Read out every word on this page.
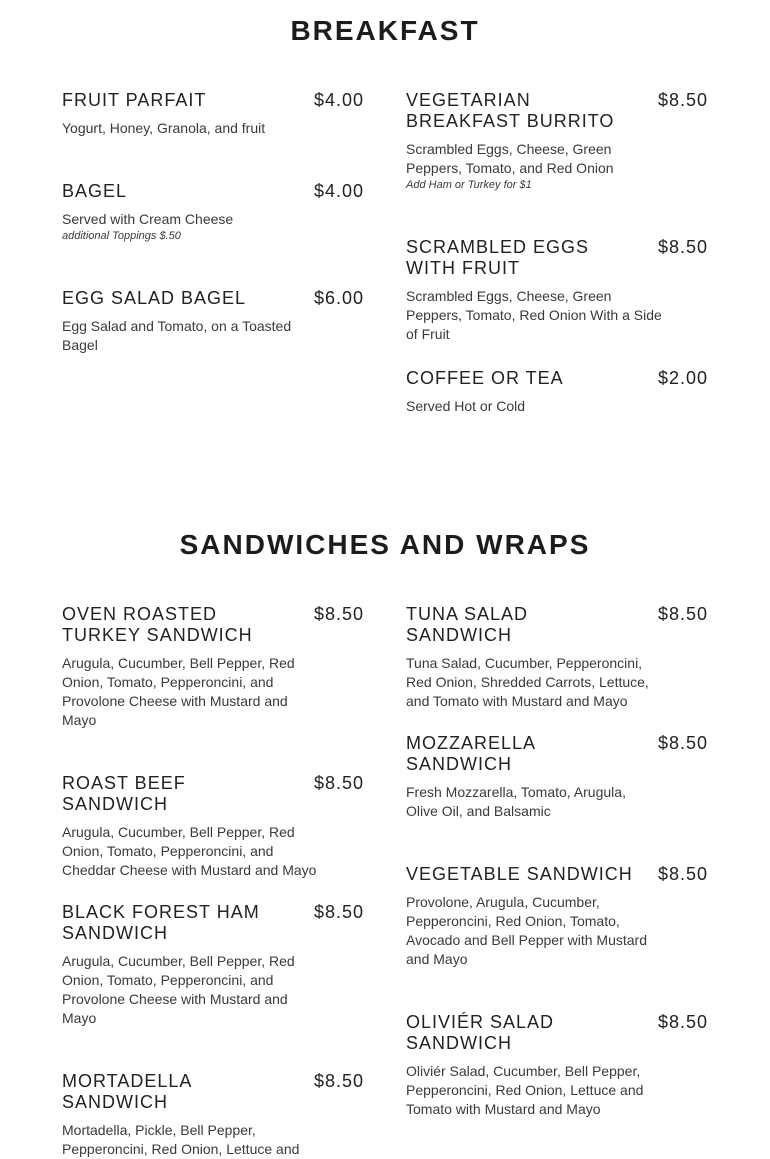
BREAKFAST
FRUIT PARFAIT	$4.00
Yogurt, Honey, Granola, and fruit
VEGETARIAN BREAKFAST BURRITO
$8.50
Scrambled Eggs, Cheese, Green Peppers, Tomato, and Red Onion
Add Ham or Turkey for $1
BAGEL	$4.00
Served with Cream Cheese
additional Toppings $.50
SCRAMBLED EGGS WITH FRUIT
$8.50
Scrambled Eggs, Cheese, Green Peppers, Tomato, Red Onion With a Side of Fruit
EGG SALAD BAGEL	$6.00
Egg Salad and Tomato, on a Toasted Bagel
COFFEE OR TEA	$2.00
Served Hot or Cold
SANDWICHES AND WRAPS
OVEN ROASTED TURKEY SANDWICH
$8.50
Arugula, Cucumber, Bell Pepper, Red Onion, Tomato, Pepperoncini, and Provolone Cheese with Mustard and Mayo
TUNA SALAD SANDWICH
$8.50
Tuna Salad, Cucumber, Pepperoncini, Red Onion, Shredded Carrots, Lettuce, and Tomato with Mustard and Mayo
ROAST BEEF SANDWICH
$8.50
Arugula, Cucumber, Bell Pepper, Red Onion, Tomato, Pepperoncini, and Cheddar Cheese with Mustard and Mayo
MOZZARELLA SANDWICH
$8.50
Fresh Mozzarella, Tomato, Arugula, Olive Oil, and Balsamic
BLACK FOREST HAM SANDWICH
$8.50
Arugula, Cucumber, Bell Pepper, Red Onion, Tomato, Pepperoncini, and Provolone Cheese with Mustard and Mayo
VEGETABLE SANDWICH $8.50
Provolone, Arugula, Cucumber, Pepperoncini, Red Onion, Tomato, Avocado and Bell Pepper with Mustard and Mayo
MORTADELLA SANDWICH
$8.50
Mortadella, Pickle, Bell Pepper, Pepperoncini, Red Onion, Lettuce and
OLIVIÉR SALAD SANDWICH
$8.50
Oliviér Salad, Cucumber, Bell Pepper, Pepperoncini, Red Onion, Lettuce and Tomato with Mustard and Mayo
